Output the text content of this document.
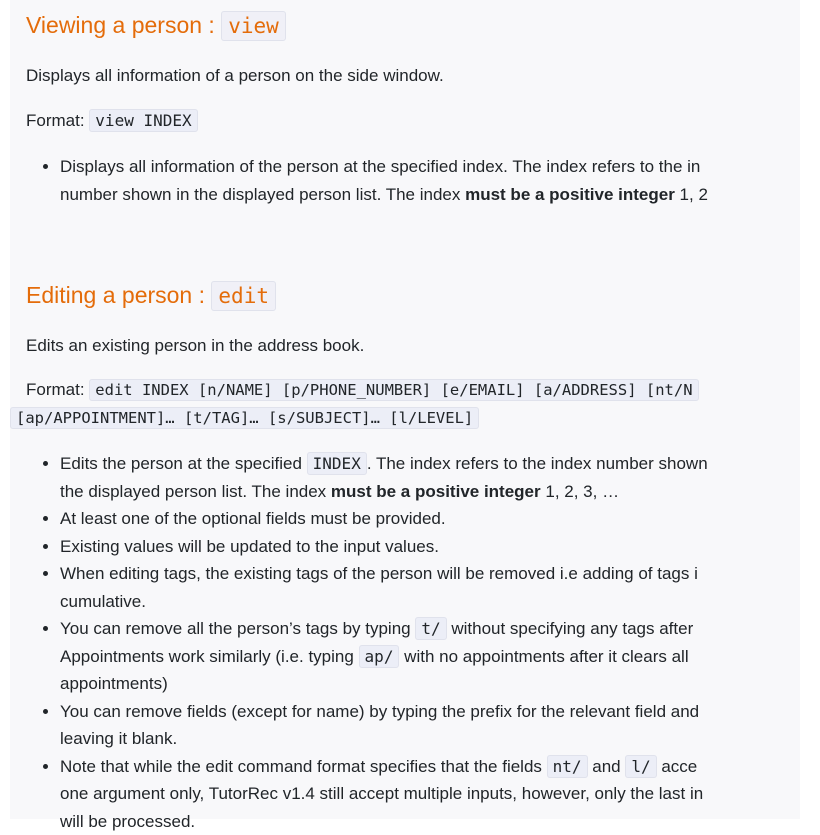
Viewing a person : view

Displays all information of a person on the side window.

Format: view INDEX

• Displays all information of the person at the specified index. The index refers to the in
number shown in the displayed person list. The index must be a positive integer 1, 2
Editing a person : edit

Edits an existing person in the address book.

Format: edit INDEX [n/NAME] [p/PHONE_NUMBER] [e/EMAIL] [a/ADDRESS] [nt/N
[ap/APPOINTMENT]… [t/TAG]… [s/SUBJECT]… [l/LEVEL]
• Edits the person at the specified INDEX . The index refers to the index number shown
the displayed person list. The index must be a positive integer 1, 2, 3, …
• At least one of the optional fields must be provided.
• Existing values will be updated to the input values.
• When editing tags, the existing tags of the person will be removed i.e adding of tags i
cumulative.
• You can remove all the person’s tags by typing t/ without specifying any tags after
Appointments work similarly (i.e. typing ap/ with no appointments after it clears all
appointments)
• You can remove fields (except for name) by typing the prefix for the relevant field and
leaving it blank.
• Note that while the edit command format specifies that the fields nt/ and l/ acce
one argument only, TutorRec v1.4 still accept multiple inputs, however, only the last in
will be processed.
